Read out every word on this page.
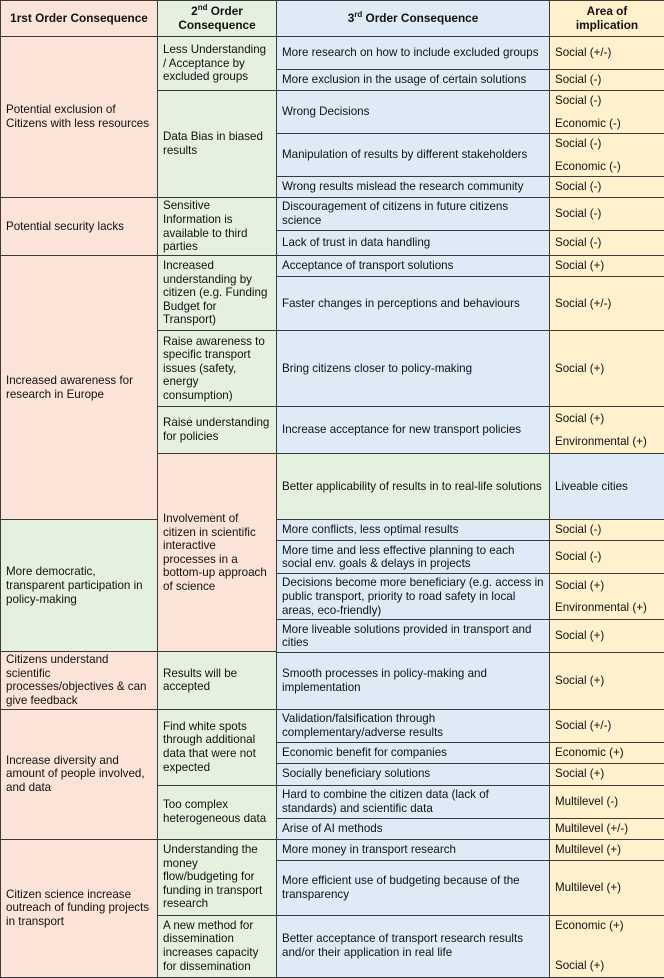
1rst Order Consequence	2nd Order Consequence	3rd Order Consequence	Area of implication	
Potential exclusion of Citizens with less resources	Less Understanding / Acceptance by excluded groups	More research on how to include excluded groups	Social (+/-)	

		More exclusion in the usage of certain solutions	Social (-)	

	Data Bias in biased results	Wrong Decisions	Social (-)
Economic (-)	

		Manipulation of results by different stakeholders	Social (-)
Economic (-)	

		Wrong results mislead the research community	Social (-)	

Potential security lacks	Sensitive Information is available to third parties	Discouragement of citizens in future citizens science	Social (-)	

		Lack of trust in data handling	Social (-)	

Increased awareness for research in Europe	Increased understanding by citizen (e.g. Funding Budget for Transport)	Acceptance of transport solutions	Social (+)	

		Faster changes in perceptions and behaviours	Social (+/-)	

	Raise awareness to specific transport issues (safety, energy consumption)	Bring citizens closer to policy-making	Social (+)	

	Raise understanding for policies	Increase acceptance for new transport policies	Social (+)
Environmental (+)	

	Involvement of citizen in scientific interactive processes in a bottom-up approach of science	Better applicability of results in to real-life solutions	Liveable cities	

More democratic, transparent participation in policy-making		More conflicts, less optimal results	Social (-)	

		More time and less effective planning to each social env. goals & delays in projects	Social (-)	

		Decisions become more beneficiary (e.g. access in public transport, priority to road safety in local areas, eco-friendly)	Social (+)
Environmental (+)	

		More liveable solutions provided in transport and cities	Social (+)	

Citizens understand scientific processes/objectives & can give feedback	Results will be accepted			
		Smooth processes in policy-making and implementation	Social (+)	

Increase diversity and amount of people involved, and data	Find white spots through additional data that were not expected	Validation/falsification through complementary/adverse results	Social (+/-)	

		Economic benefit for companies	Economic (+)	

		Socially beneficiary solutions	Social (+)	

	Too complex heterogeneous data	Hard to combine the citizen data (lack of standards) and scientific data	Multilevel (-)	

		Arise of AI methods	Multilevel (+/-)	

Citizen science increase outreach of funding projects in transport	Understanding the money flow/budgeting for funding in transport research	More money in transport research	Multilevel (+)	

		More efficient use of budgeting because of the transparency	Multilevel (+)	

	A new method for dissemination increases capacity for dissemination	Better acceptance of transport research results and/or their application in real life	Economic (+)
Social (+)	
